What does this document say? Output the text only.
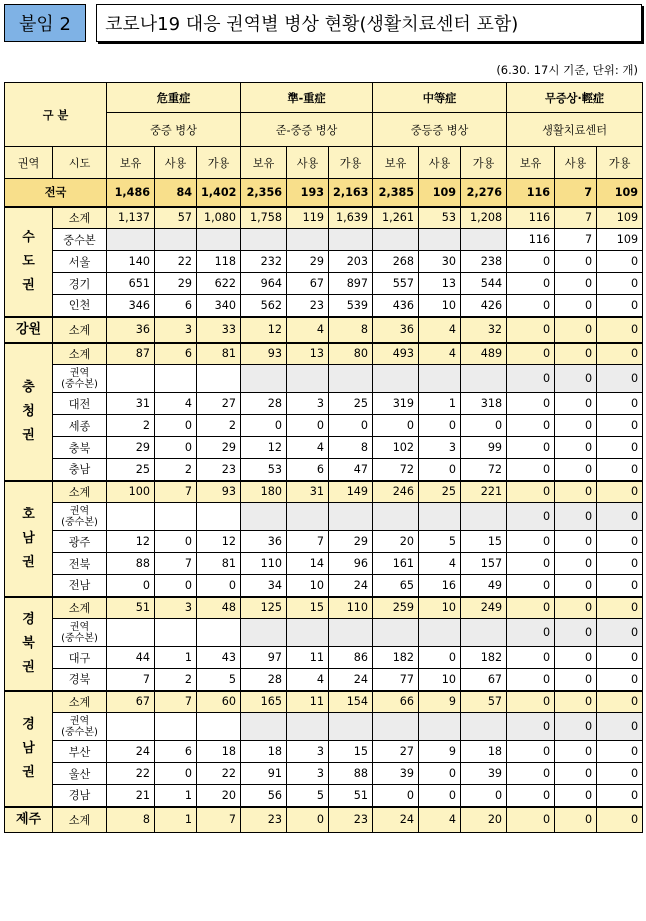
붙임 2	코로나19 대응 권역별 병상 현황(생활치료센터 포함)
(6.30. 17시 기준, 단위: 개)
구 분		危重症			準-重症			中等症			무증상·輕症		
		중증 병상			준-중증 병상			중등증 병상			생활치료센터		
권역	시도	보유	사용	가용	보유	사용	가용	보유	사용	가용	보유	사용	가용
전국		1,486	84	1,402	2,356	193	2,163	2,385	109	2,276	116	7	109
수
도
권	소계	1,137	57	1,080	1,758	119	1,639	1,261	53	1,208	116	7	109
	중수본										116	7	109
	서울	140	22	118	232	29	203	268	30	238	0	0	0
	경기	651	29	622	964	67	897	557	13	544	0	0	0
	인천	346	6	340	562	23	539	436	10	426	0	0	0
강원	소계	36	3	33	12	4	8	36	4	32	0	0	0
충
청
권	소계	87	6	81	93	13	80	493	4	489	0	0	0
	권역
(중수본)										0	0	0
	대전	31	4	27	28	3	25	319	1	318	0	0	0
	세종	2	0	2	0	0	0	0	0	0	0	0	0
	충북	29	0	29	12	4	8	102	3	99	0	0	0
	충남	25	2	23	53	6	47	72	0	72	0	0	0
호
남
권	소계	100	7	93	180	31	149	246	25	221	0	0	0
	권역
(중수본)										0	0	0
	광주	12	0	12	36	7	29	20	5	15	0	0	0
	전북	88	7	81	110	14	96	161	4	157	0	0	0
	전남	0	0	0	34	10	24	65	16	49	0	0	0
경
북
권	소계	51	3	48	125	15	110	259	10	249	0	0	0
	권역
(중수본)										0	0	0
	대구	44	1	43	97	11	86	182	0	182	0	0	0
	경북	7	2	5	28	4	24	77	10	67	0	0	0
경
남
권	소계	67	7	60	165	11	154	66	9	57	0	0	0
	권역
(중수본)										0	0	0
	부산	24	6	18	18	3	15	27	9	18	0	0	0
	울산	22	0	22	91	3	88	39	0	39	0	0	0
	경남	21	1	20	56	5	51	0	0	0	0	0	0
제주	소계	8	1	7	23	0	23	24	4	20	0	0	0
